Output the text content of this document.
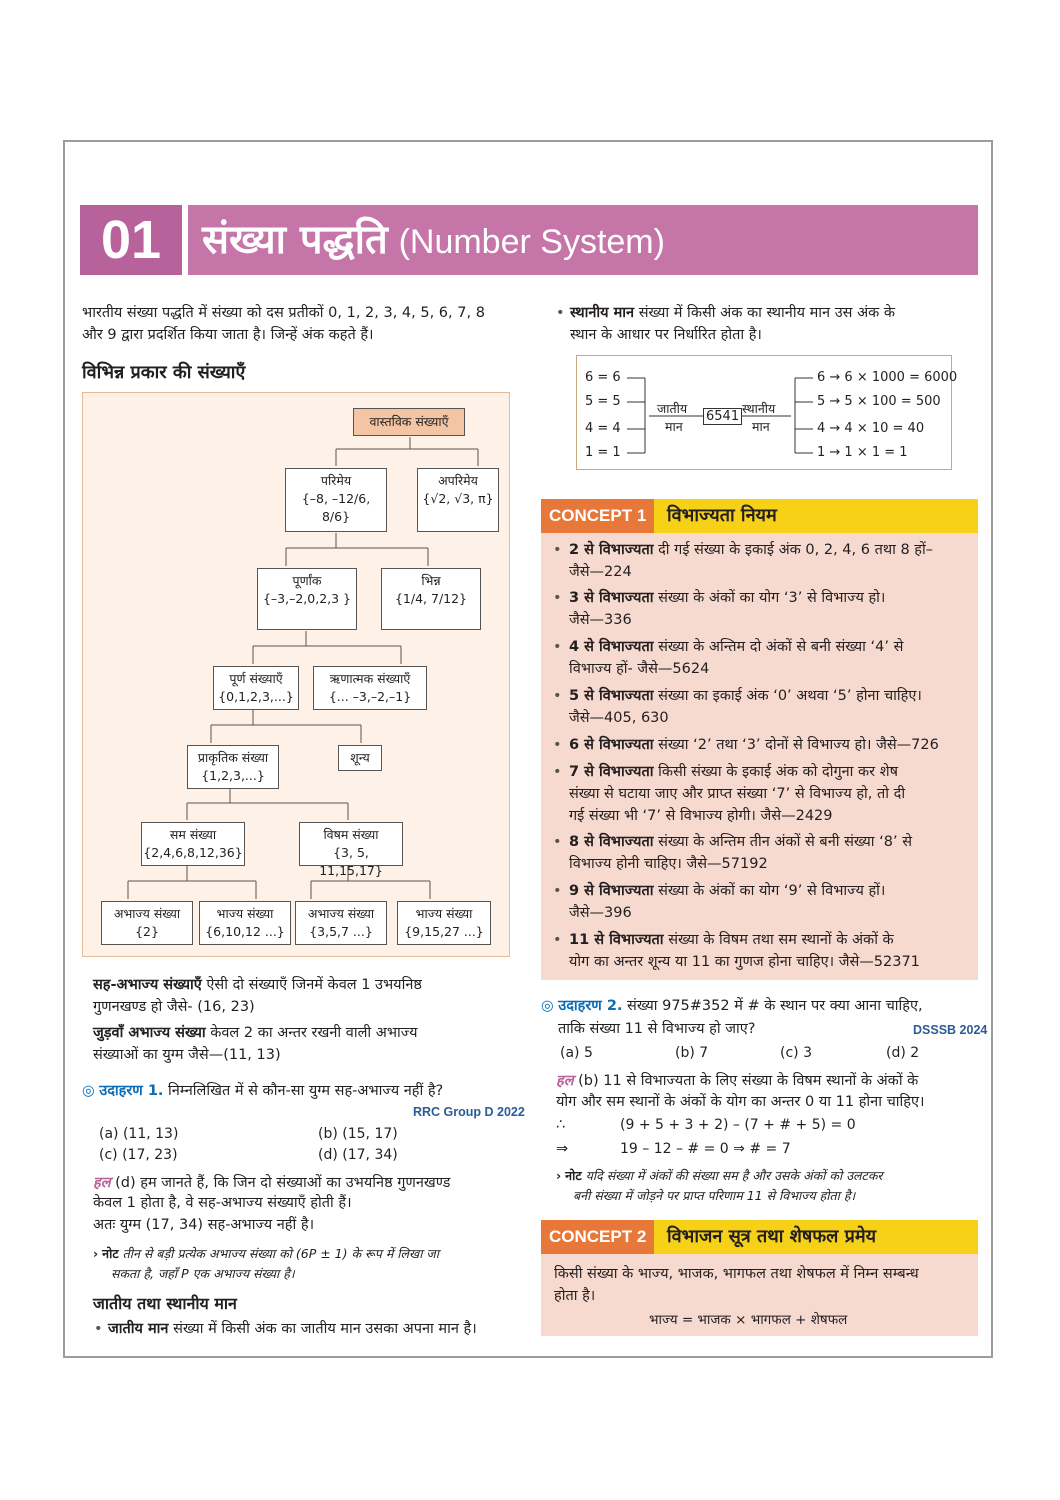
01	संख्या पद्धति (Number System)
भारतीय संख्या पद्धति में संख्या को दस प्रतीकों 0, 1, 2, 3, 4, 5, 6, 7, 8
और 9 द्वारा प्रदर्शित किया जाता है। जिन्हें अंक कहते हैं।
विभिन्न प्रकार की संख्याएँ
वास्तविक संख्याएँ
परिमेय
{–8, –12/6, 8/6}
अपरिमेय
{√2, √3, π}
पूर्णांक
{–3,–2,0,2,3 }
भिन्न
{1/4, 7/12}
पूर्ण संख्याएँ
{0,1,2,3,...}
ऋणात्मक संख्याएँ
{... –3,–2,–1}
प्राकृतिक संख्या
{1,2,3,...}
शून्य
सम संख्या
{2,4,6,8,12,36}
विषम संख्या
{3, 5, 11,15,17}
अभाज्य संख्या
{2}
भाज्य संख्या
{6,10,12 ...}
अभाज्य संख्या
{3,5,7 ...}
भाज्य संख्या
{9,15,27 ...}
सह-अभाज्य संख्याएँ ऐसी दो संख्याएँ जिनमें केवल 1 उभयनिष्ठ
गुणनखण्ड हो जैसे- (16, 23)
जुड़वाँ अभाज्य संख्या केवल 2 का अन्तर रखनी वाली अभाज्य
संख्याओं का युग्म जैसे—(11, 13)
◎ उदाहरण 1. निम्नलिखित में से कौन-सा युग्म सह-अभाज्य नहीं है?
RRC Group D 2022
(a) (11, 13)	(b) (15, 17)
(c) (17, 23)	(d) (17, 34)
हल (d) हम जानते हैं, कि जिन दो संख्याओं का उभयनिष्ठ गुणनखण्ड
केवल 1 होता है, वे सह-अभाज्य संख्याएँ होती हैं।
अतः युग्म (17, 34) सह-अभाज्य नहीं है।
› नोट तीन से बड़ी प्रत्येक अभाज्य संख्या को (6P ± 1) के रूप में लिखा जा
सकता है, जहाँ P एक अभाज्य संख्या है।
जातीय तथा स्थानीय मान
जातीय मान संख्या में किसी अंक का जातीय मान उसका अपना मान है।
स्थानीय मान संख्या में किसी अंक का स्थानीय मान उस अंक के
स्थान के आधार पर निर्धारित होता है।
6 = 6
5 = 5
4 = 4
1 = 1
जातीय
मान
6541
स्थानीय
मान
6 → 6 × 1000 = 6000
5 → 5 × 100 = 500
4 → 4 × 10 = 40
1 → 1 × 1 = 1
CONCEPT 1	विभाज्यता नियम
• 2 से विभाज्यता दी गई संख्या के इकाई अंक 0, 2, 4, 6 तथा 8 हों–
जैसे—224
• 3 से विभाज्यता संख्या के अंकों का योग ‘3’ से विभाज्य हो।
जैसे—336
• 4 से विभाज्यता संख्या के अन्तिम दो अंकों से बनी संख्या ‘4’ से
विभाज्य हों- जैसे—5624
• 5 से विभाज्यता संख्या का इकाई अंक ‘0’ अथवा ‘5’ होना चाहिए।
जैसे—405, 630
• 6 से विभाज्यता संख्या ‘2’ तथा ‘3’ दोनों से विभाज्य हो। जैसे—726
• 7 से विभाज्यता किसी संख्या के इकाई अंक को दोगुना कर शेष
संख्या से घटाया जाए और प्राप्त संख्या ‘7’ से विभाज्य हो, तो दी
गई संख्या भी ‘7’ से विभाज्य होगी। जैसे—2429
• 8 से विभाज्यता संख्या के अन्तिम तीन अंकों से बनी संख्या ‘8’ से
विभाज्य होनी चाहिए। जैसे—57192
• 9 से विभाज्यता संख्या के अंकों का योग ‘9’ से विभाज्य हों।
जैसे—396
• 11 से विभाज्यता संख्या के विषम तथा सम स्थानों के अंकों के
योग का अन्तर शून्य या 11 का गुणज होना चाहिए। जैसे—52371
◎ उदाहरण 2. संख्या 975#352 में # के स्थान पर क्या आना चाहिए,
ताकि संख्या 11 से विभाज्य हो जाए?	DSSSB 2024
(a) 5	(b) 7	(c) 3	(d) 2
हल (b) 11 से विभाज्यता के लिए संख्या के विषम स्थानों के अंकों के
योग और सम स्थानों के अंकों के योग का अन्तर 0 या 11 होना चाहिए।
∴	(9 + 5 + 3 + 2) – (7 + # + 5) = 0
⇒	19 – 12 – # = 0 ⇒ # = 7
› नोट यदि संख्या में अंकों की संख्या सम है और उसके अंकों को उलटकर
बनी संख्या में जोड़ने पर प्राप्त परिणाम 11 से विभाज्य होता है।
CONCEPT 2	विभाजन सूत्र तथा शेषफल प्रमेय
किसी संख्या के भाज्य, भाजक, भागफल तथा शेषफल में निम्न सम्बन्ध
होता है।
भाज्य = भाजक × भागफल + शेषफल
